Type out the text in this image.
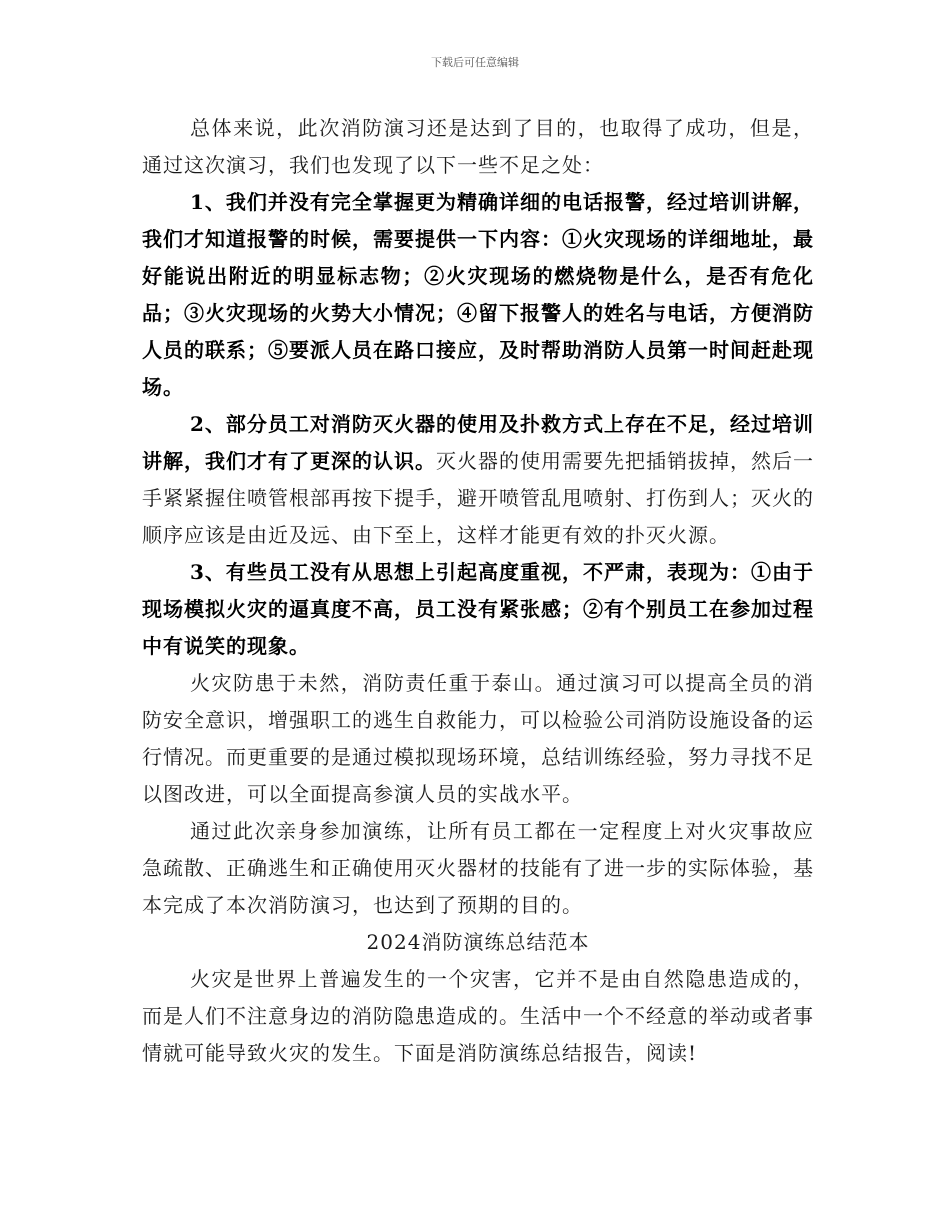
下载后可任意编辑

总体来说，此次消防演习还是达到了目的，也取得了成功，但是，通过这次演习，我们也发现了以下一些不足之处：

1、我们并没有完全掌握更为精确详细的电话报警，经过培训讲解，我们才知道报警的时候，需要提供一下内容：①火灾现场的详细地址，最好能说出附近的明显标志物；②火灾现场的燃烧物是什么，是否有危化品；③火灾现场的火势大小情况；④留下报警人的姓名与电话，方便消防人员的联系；⑤要派人员在路口接应，及时帮助消防人员第一时间赶赴现场。

2、部分员工对消防灭火器的使用及扑救方式上存在不足，经过培训讲解，我们才有了更深的认识。灭火器的使用需要先把插销拔掉，然后一手紧紧握住喷管根部再按下提手，避开喷管乱甩喷射、打伤到人；灭火的顺序应该是由近及远、由下至上，这样才能更有效的扑灭火源。

3、有些员工没有从思想上引起高度重视，不严肃，表现为：①由于现场模拟火灾的逼真度不高，员工没有紧张感；②有个别员工在参加过程中有说笑的现象。

火灾防患于未然，消防责任重于泰山。通过演习可以提高全员的消防安全意识，增强职工的逃生自救能力，可以检验公司消防设施设备的运行情况。而更重要的是通过模拟现场环境，总结训练经验，努力寻找不足以图改进，可以全面提高参演人员的实战水平。

通过此次亲身参加演练，让所有员工都在一定程度上对火灾事故应急疏散、正确逃生和正确使用灭火器材的技能有了进一步的实际体验，基本完成了本次消防演习，也达到了预期的目的。

2024消防演练总结范本

火灾是世界上普遍发生的一个灾害，它并不是由自然隐患造成的，而是人们不注意身边的消防隐患造成的。生活中一个不经意的举动或者事情就可能导致火灾的发生。下面是消防演练总结报告，阅读!
